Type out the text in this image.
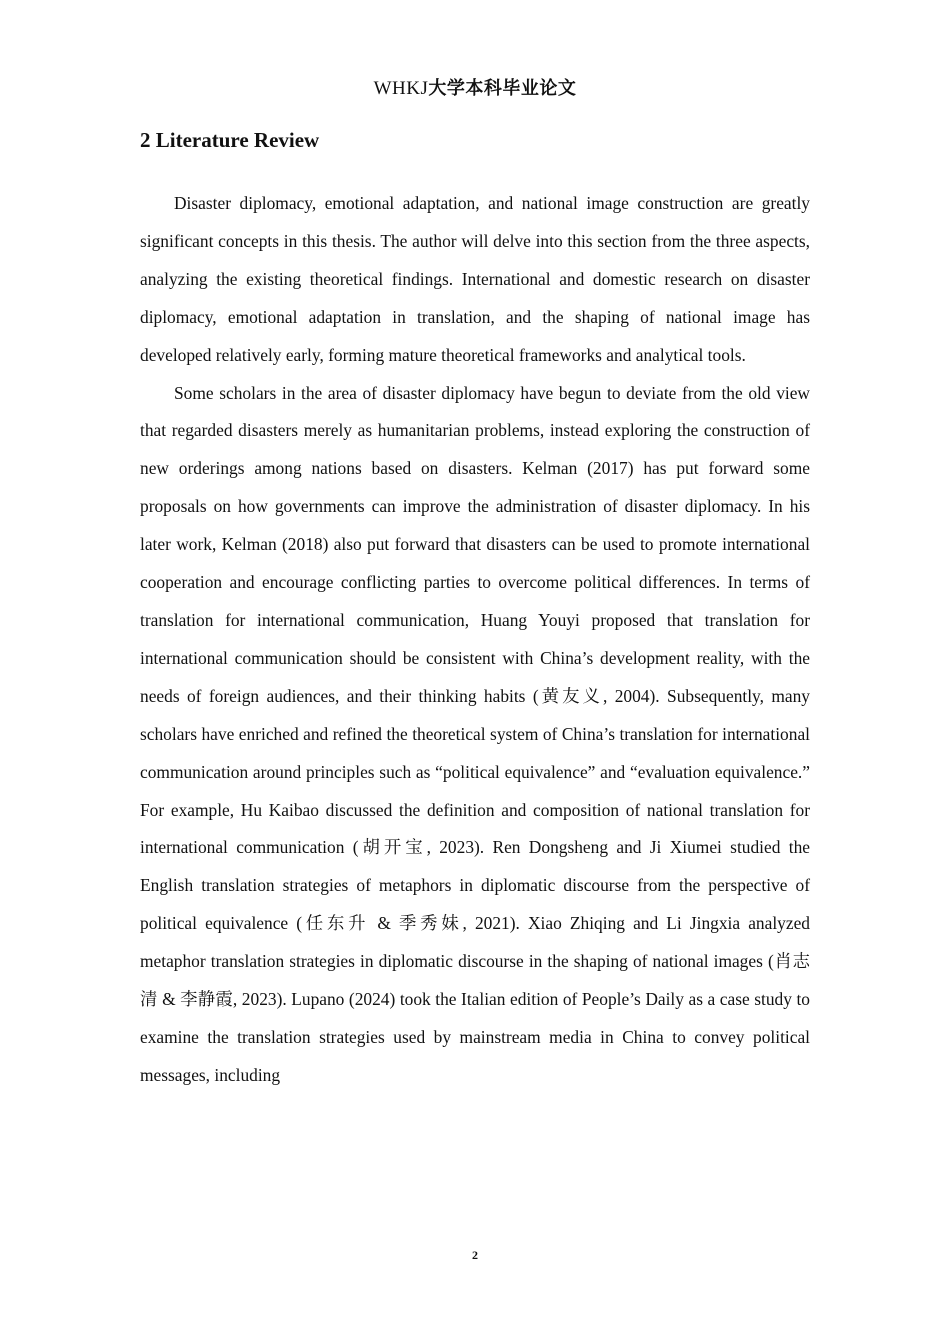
WHKJ大学本科毕业论文
2 Literature Review

Disaster diplomacy, emotional adaptation, and national image construction are greatly significant concepts in this thesis. The author will delve into this section from the three aspects, analyzing the existing theoretical findings. International and domestic research on disaster diplomacy, emotional adaptation in translation, and the shaping of national image has developed relatively early, forming mature theoretical frameworks and analytical tools.

Some scholars in the area of disaster diplomacy have begun to deviate from the old view that regarded disasters merely as humanitarian problems, instead exploring the construction of new orderings among nations based on disasters. Kelman (2017) has put forward some proposals on how governments can improve the administration of disaster diplomacy. In his later work, Kelman (2018) also put forward that disasters can be used to promote international cooperation and encourage conflicting parties to overcome political differences. In terms of translation for international communication, Huang Youyi proposed that translation for international communication should be consistent with China’s development reality, with the needs of foreign audiences, and their thinking habits (黄友义, 2004). Subsequently, many scholars have enriched and refined the theoretical system of China’s translation for international communication around principles such as “political equivalence” and “evaluation equivalence.” For example, Hu Kaibao discussed the definition and composition of national translation for international communication (胡开宝, 2023). Ren Dongsheng and Ji Xiumei studied the English translation strategies of metaphors in diplomatic discourse from the perspective of political equivalence (任东升 & 季秀妹, 2021). Xiao Zhiqing and Li Jingxia analyzed metaphor translation strategies in diplomatic discourse in the shaping of national images (肖志清 & 李静霞, 2023). Lupano (2024) took the Italian edition of People’s Daily as a case study to examine the translation strategies used by mainstream media in China to convey political messages, including

2
